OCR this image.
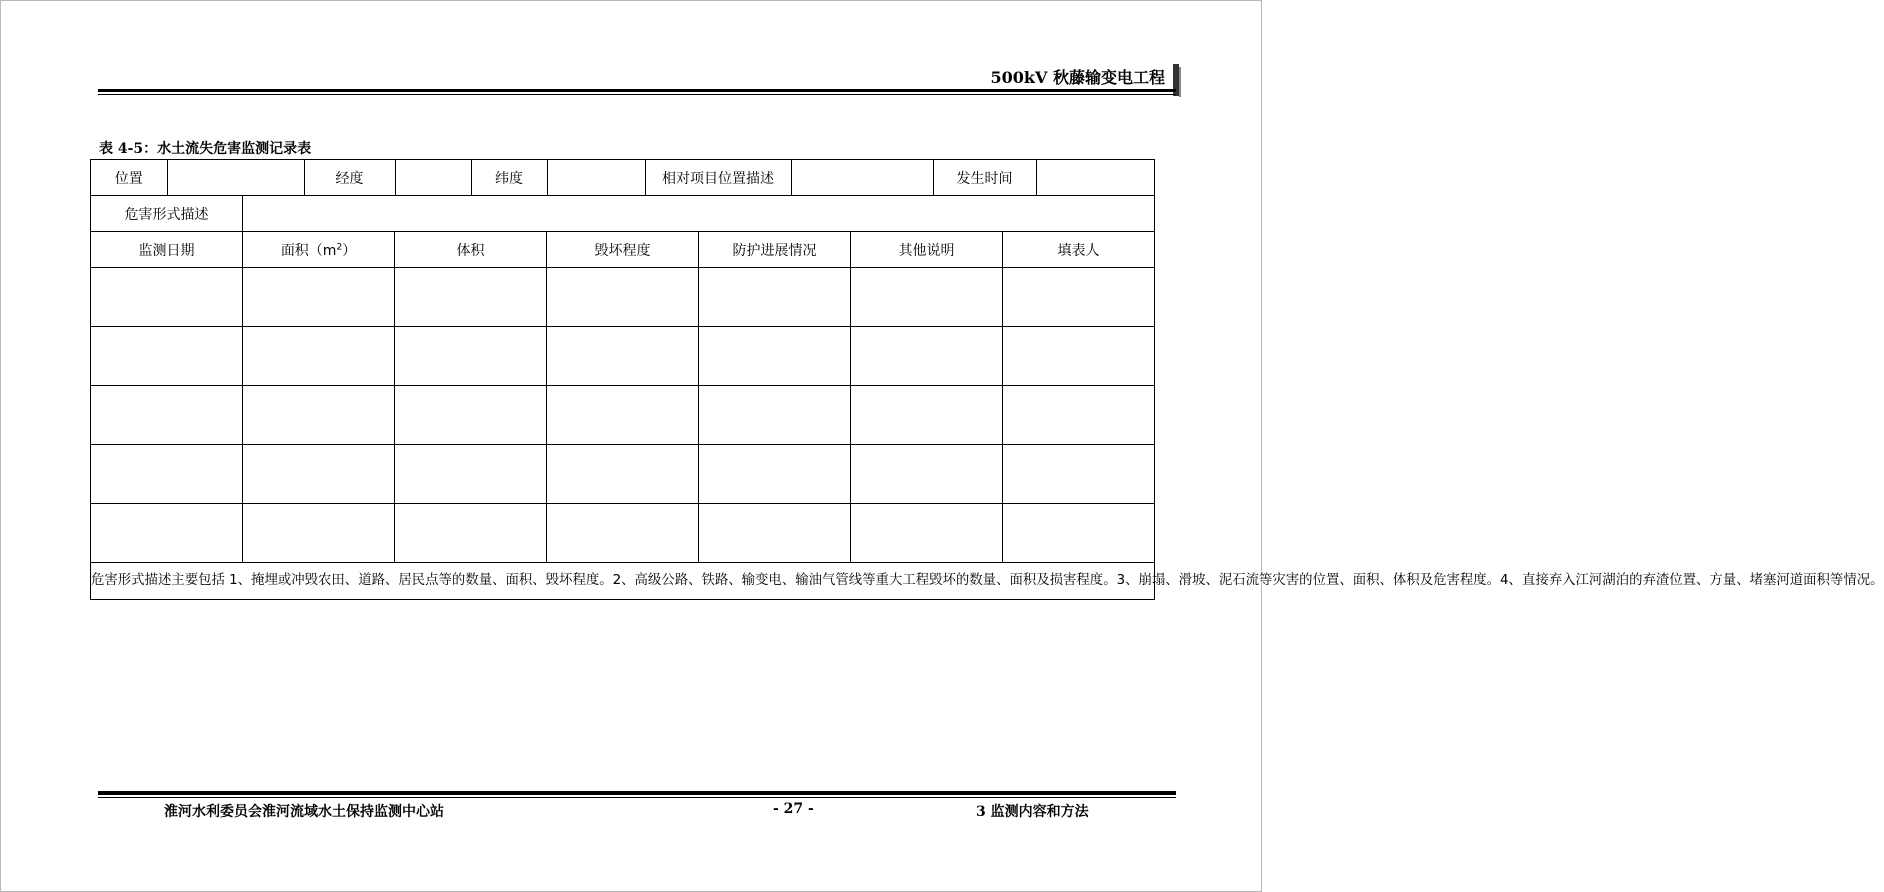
500kV 秋藤输变电工程
表 4-5：水土流失危害监测记录表
位置		经度		纬度		相对项目位置描述		发生时间	

危害形式描述	
监测日期	面积$(m^2)$	体积	毁坏程度	防护进展情况	其他说明	填表人

危害形式描述主要包括 1、掩埋或冲毁农田、道路、居民点等的数量、面积、毁坏程度。2、高级公路、铁路、输变电、输油气管线等重大工程毁坏的数量、面积及损害程度。3、崩塌、滑坡、泥石流等灾害的位置、面积、体积及危害程度。4、直接弃入江河湖泊的弃渣位置、方量、堵塞河道面积等情况。
淮河水利委员会淮河流域水土保持监测中心站	- 27 -	3 监测内容和方法
